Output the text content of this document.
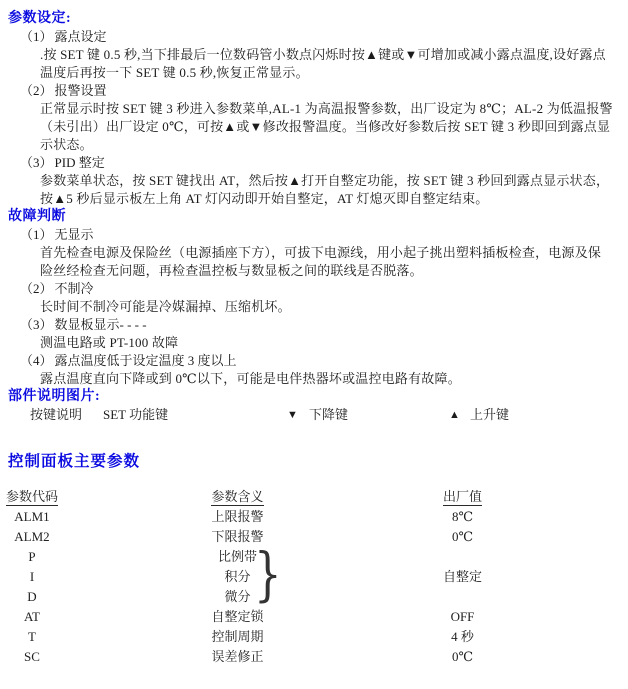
参数设定:
（1） 露点设定
.按 SET 键 0.5 秒,当下排最后一位数码管小数点闪烁时按▲键或▼可增加或减小露点温度,设好露点
温度后再按一下 SET 键 0.5 秒,恢复正常显示。
（2） 报警设置
正常显示时按 SET 键 3 秒进入参数菜单,AL-1 为高温报警参数，出厂设定为 8℃；AL-2 为低温报警
（未引出）出厂设定 0℃，可按▲或▼修改报警温度。当修改好参数后按 SET 键 3 秒即回到露点显
示状态。
（3） PID 整定
参数菜单状态，按 SET 键找出 AT，然后按▲打开自整定功能，按 SET 键 3 秒回到露点显示状态，
按▲5 秒后显示板左上角 AT 灯闪动即开始自整定，AT 灯熄灭即自整定结束。
故障判断
（1） 无显示
首先检查电源及保险丝（电源插座下方），可拔下电源线，用小起子挑出塑料插板检查，电源及保
险丝经检查无问题，再检查温控板与数显板之间的联线是否脱落。
（2） 不制冷
长时间不制冷可能是冷媒漏掉、压缩机坏。
（3） 数显板显示- - - -
测温电路或 PT-100 故障
（4） 露点温度低于设定温度 3 度以上
露点温度直向下降或到 0℃以下，可能是电伴热器坏或温控电路有故障。
部件说明图片:
按键说明 SET 功能键	▼ 下降键	▲ 上升键
控制面板主要参数
参数代码	参数含义	出厂值
ALM1	上限报警	8℃
ALM2	下限报警	0℃
P	比例带
I	积分	自整定
D	微分
AT	自整定锁	OFF
T	控制周期	4 秒
SC	误差修正	0℃
}
